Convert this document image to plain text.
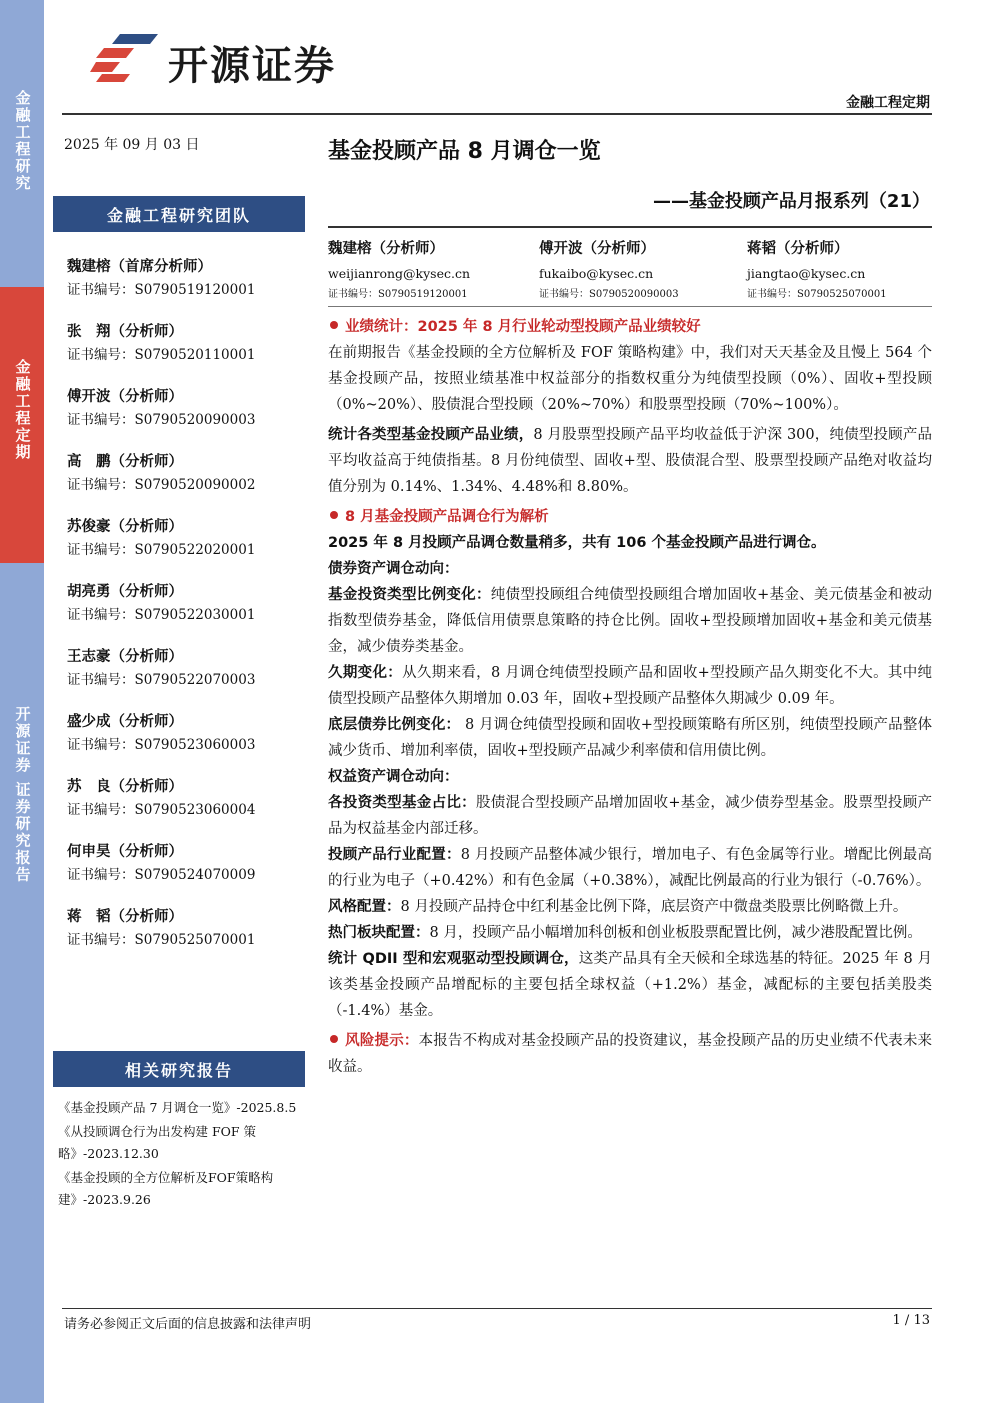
金融工程研究
金融工程定期
开源证券 证券研究报告
开源证券
金融工程定期
2025 年 09 月 03 日
金融工程研究团队
魏建榕（首席分析师）
证书编号：S0790519120001
张　翔（分析师）
证书编号：S0790520110001
傅开波（分析师）
证书编号：S0790520090003
高　鹏（分析师）
证书编号：S0790520090002
苏俊豪（分析师）
证书编号：S0790522020001
胡亮勇（分析师）
证书编号：S0790522030001
王志豪（分析师）
证书编号：S0790522070003
盛少成（分析师）
证书编号：S0790523060003
苏　良（分析师）
证书编号：S0790523060004
何申昊（分析师）
证书编号：S0790524070009
蒋　韬（分析师）
证书编号：S0790525070001
相关研究报告
《基金投顾产品 7 月调仓一览》-2025.8.5
《从投顾调仓行为出发构建 FOF 策略》-2023.12.30
《基金投顾的全方位解析及FOF策略构建》-2023.9.26
基金投顾产品 8 月调仓一览
——基金投顾产品月报系列（21）
魏建榕（分析师）
weijianrong@kysec.cn
证书编号：S0790519120001
傅开波（分析师）
fukaibo@kysec.cn
证书编号：S0790520090003
蒋韬（分析师）
jiangtao@kysec.cn
证书编号：S0790525070001
业绩统计：2025 年 8 月行业轮动型投顾产品业绩较好

在前期报告《基金投顾的全方位解析及 FOF 策略构建》中，我们对天天基金及且慢上 564 个基金投顾产品，按照业绩基准中权益部分的指数权重分为纯债型投顾（0%）、固收+型投顾（0%~20%）、股债混合型投顾（20%~70%）和股票型投顾（70%~100%）。

统计各类型基金投顾产品业绩，8 月股票型投顾产品平均收益低于沪深 300，纯债型投顾产品平均收益高于纯债指基。8 月份纯债型、固收+型、股债混合型、股票型投顾产品绝对收益均值分别为 0.14%、1.34%、4.48%和 8.80%。

8 月基金投顾产品调仓行为解析

2025 年 8 月投顾产品调仓数量稍多，共有 106 个基金投顾产品进行调仓。

债券资产调仓动向：

基金投资类型比例变化：纯债型投顾组合纯债型投顾组合增加固收+基金、美元债基金和被动指数型债券基金，降低信用债票息策略的持仓比例。固收+型投顾增加固收+基金和美元债基金，减少债券类基金。

久期变化：从久期来看，8 月调仓纯债型投顾产品和固收+型投顾产品久期变化不大。其中纯债型投顾产品整体久期增加 0.03 年，固收+型投顾产品整体久期减少 0.09 年。

底层债券比例变化： 8 月调仓纯债型投顾和固收+型投顾策略有所区别，纯债型投顾产品整体减少货币、增加利率债，固收+型投顾产品减少利率债和信用债比例。

权益资产调仓动向：

各投资类型基金占比：股债混合型投顾产品增加固收+基金，减少债券型基金。股票型投顾产品为权益基金内部迁移。

投顾产品行业配置：8 月投顾产品整体减少银行，增加电子、有色金属等行业。增配比例最高的行业为电子（+0.42%）和有色金属（+0.38%），减配比例最高的行业为银行（-0.76%）。

风格配置：8 月投顾产品持仓中红利基金比例下降，底层资产中微盘类股票比例略微上升。

热门板块配置：8 月，投顾产品小幅增加科创板和创业板股票配置比例，减少港股配置比例。

统计 QDII 型和宏观驱动型投顾调仓，这类产品具有全天候和全球选基的特征。2025 年 8 月该类基金投顾产品增配标的主要包括全球权益（+1.2%）基金，减配标的主要包括美股类（-1.4%）基金。

风险提示：本报告不构成对基金投顾产品的投资建议，基金投顾产品的历史业绩不代表未来收益。

请务必参阅正文后面的信息披露和法律声明	1 / 13
